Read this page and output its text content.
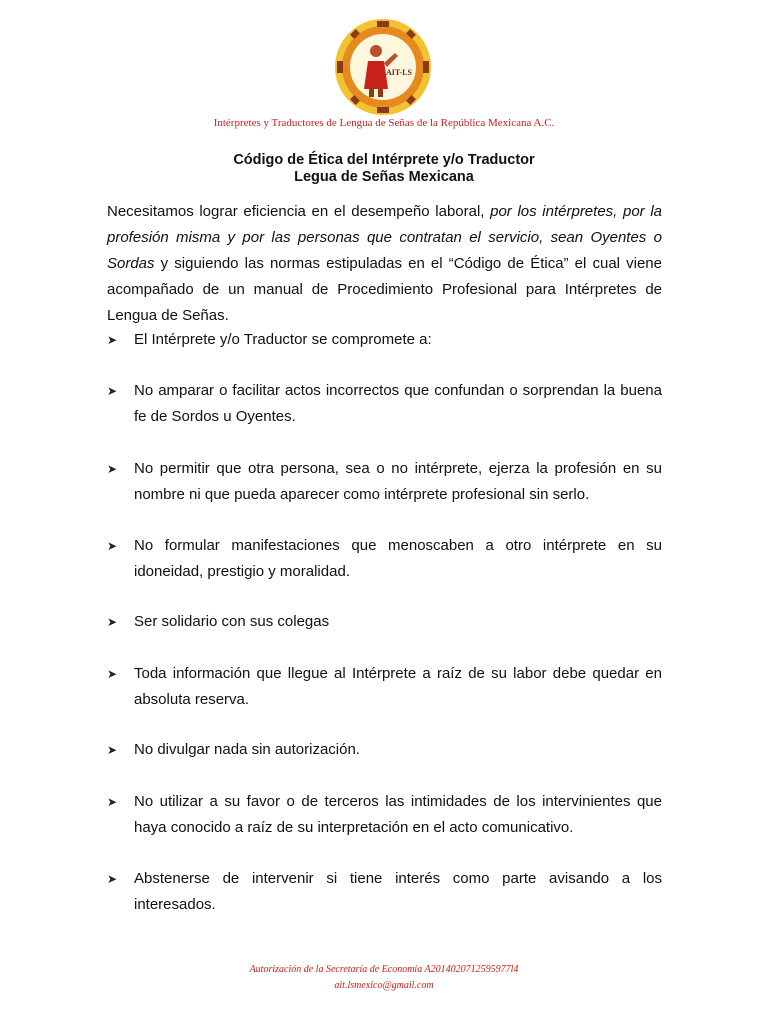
AIT-LS
Intérpretes y Traductores de Lengua de Señas de la República Mexicana A.C.
Código de Ética del Intérprete y/o Traductor
Legua de Señas Mexicana

Necesitamos lograr eficiencia en el desempeño laboral, por los intérpretes, por la profesión misma y por las personas que contratan el servicio, sean Oyentes o Sordas y siguiendo las normas estipuladas en el “Código de Ética” el cual viene acompañado de un manual de Procedimiento Profesional para Intérpretes de Lengua de Señas.

➤	El Intérprete y/o Traductor se compromete a:
➤	No amparar o facilitar actos incorrectos que confundan o sorprendan la buena fe de Sordos u Oyentes.
➤	No permitir que otra persona, sea o no intérprete, ejerza la profesión en su nombre ni que pueda aparecer como intérprete profesional sin serlo.
➤	No formular manifestaciones que menoscaben a otro intérprete en su idoneidad, prestigio y moralidad.
➤	Ser solidario con sus colegas
➤	Toda información que llegue al Intérprete a raíz de su labor debe quedar en absoluta reserva.
➤	No divulgar nada sin autorización.
➤	No utilizar a su favor o de terceros las intimidades de los intervinientes que haya conocido a raíz de su interpretación en el acto comunicativo.
➤	Abstenerse de intervenir si tiene interés como parte avisando a los interesados.
Autorización de la Secretaría de Economía A2014020712595977l4
ait.lsmexico@gmail.com
